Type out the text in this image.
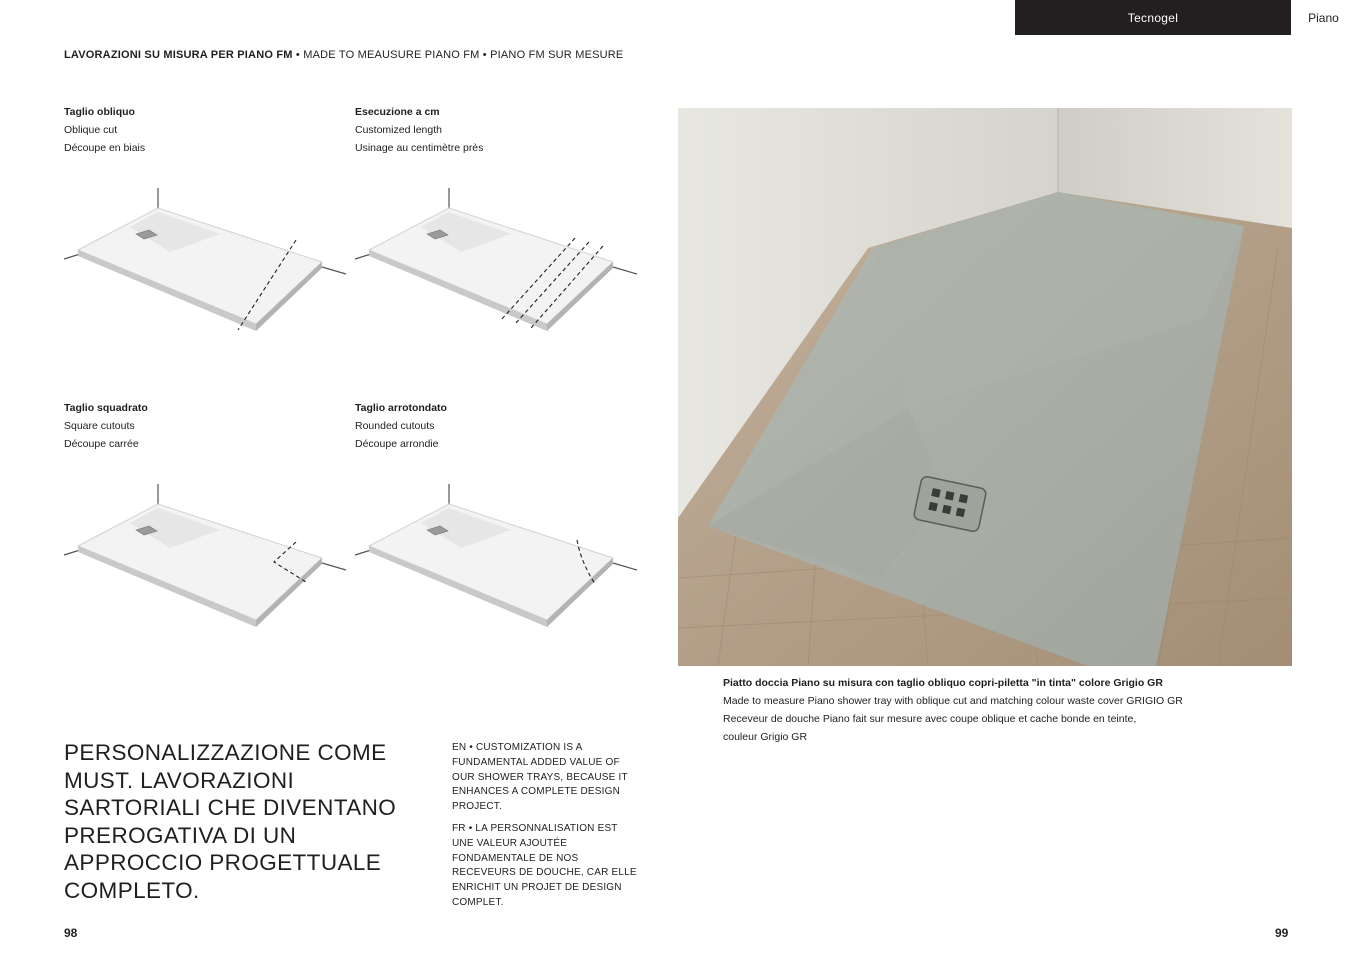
Tecnogel	Piano
LAVORAZIONI SU MISURA PER PIANO FM • MADE TO MEAUSURE PIANO FM • PIANO FM SUR MESURE
Taglio obliquo
Oblique cut
Découpe en biais
Esecuzione a cm
Customized length
Usinage au centimètre près
Taglio squadrato
Square cutouts
Découpe carrée
Taglio arrotondato
Rounded cutouts
Découpe arrondie
PERSONALIZZAZIONE COME MUST. LAVORAZIONI SARTORIALI CHE DIVENTANO PREROGATIVA DI UN APPROCCIO PROGETTUALE COMPLETO.

EN • CUSTOMIZATION IS A FUNDAMENTAL ADDED VALUE OF OUR SHOWER TRAYS, BECAUSE IT ENHANCES A COMPLETE DESIGN PROJECT.

FR • LA PERSONNALISATION EST UNE VALEUR AJOUTÉE FONDAMENTALE DE NOS RECEVEURS DE DOUCHE, CAR ELLE ENRICHIT UN PROJET DE DESIGN COMPLET.

Piatto doccia Piano su misura con taglio obliquo copri-piletta "in tinta" colore Grigio GR
Made to measure Piano shower tray with oblique cut and matching colour waste cover GRIGIO GR
Receveur de douche Piano fait sur mesure avec coupe oblique et cache bonde en teinte,
couleur Grigio GR
98	99
